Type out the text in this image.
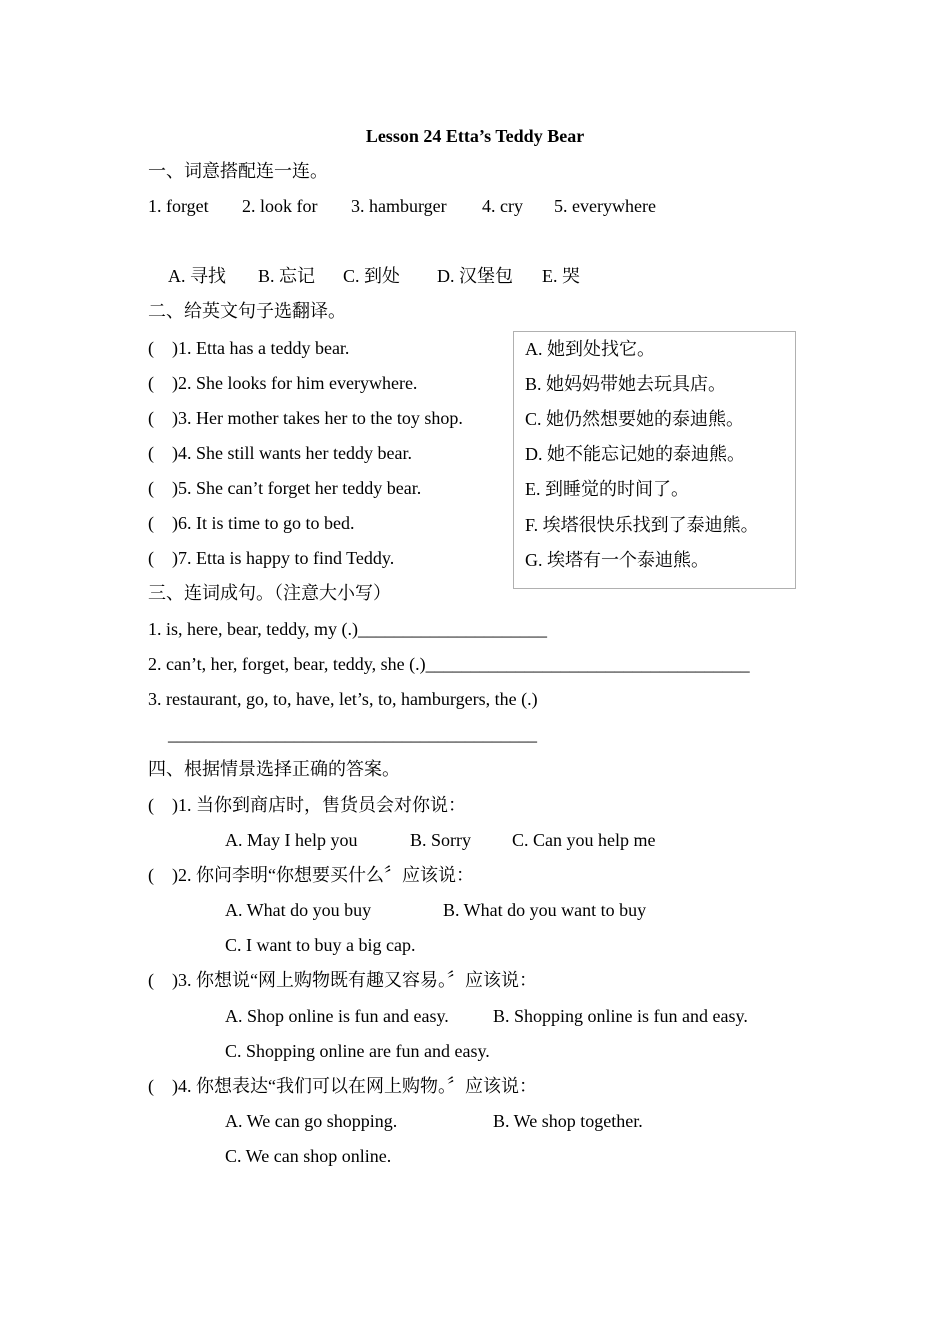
Lesson 24 Etta’s Teddy Bear
一、词意搭配连一连。
1. forget 2. look for 3. hamburger 4. cry 5. everywhere
A. 寻找 B. 忘记 C. 到处 D. 汉堡包 E. 哭
二、给英文句子选翻译。
(    )1. Etta has a teddy bear.
(    )2. She looks for him everywhere.
(    )3. Her mother takes her to the toy shop.
(    )4. She still wants her teddy bear.
(    )5. She can’t forget her teddy bear.
(    )6. It is time to go to bed.
(    )7. Etta is happy to find Teddy.
A. 她到处找它。
B. 她妈妈带她去玩具店。
C. 她仍然想要她的泰迪熊。
D. 她不能忘记她的泰迪熊。
E. 到睡觉的时间了。
F. 埃塔很快乐找到了泰迪熊。
G. 埃塔有一个泰迪熊。
三、连词成句。（注意大小写）
1. is, here, bear, teddy, my (.)_____________________
2. can’t, her, forget, bear, teddy, she (.)____________________________________
3. restaurant, go, to, have, let’s, to, hamburgers, the (.)
_________________________________________
四、根据情景选择正确的答案。
(    )1. 当你到商店时，售货员会对你说：
A. May I help you	B. Sorry C. Can you help me
(    )2. 你问李明“你想要买什么〞应该说：
A. What do you buy	B. What do you want to buy
C. I want to buy a big cap.
(    )3. 你想说“网上购物既有趣又容易。〞应该说：
A. Shop online is fun and easy. B. Shopping online is fun and easy.
C. Shopping online are fun and easy.
(    )4. 你想表达“我们可以在网上购物。〞应该说：
A. We can go shopping.	B. We shop together.
C. We can shop online.
